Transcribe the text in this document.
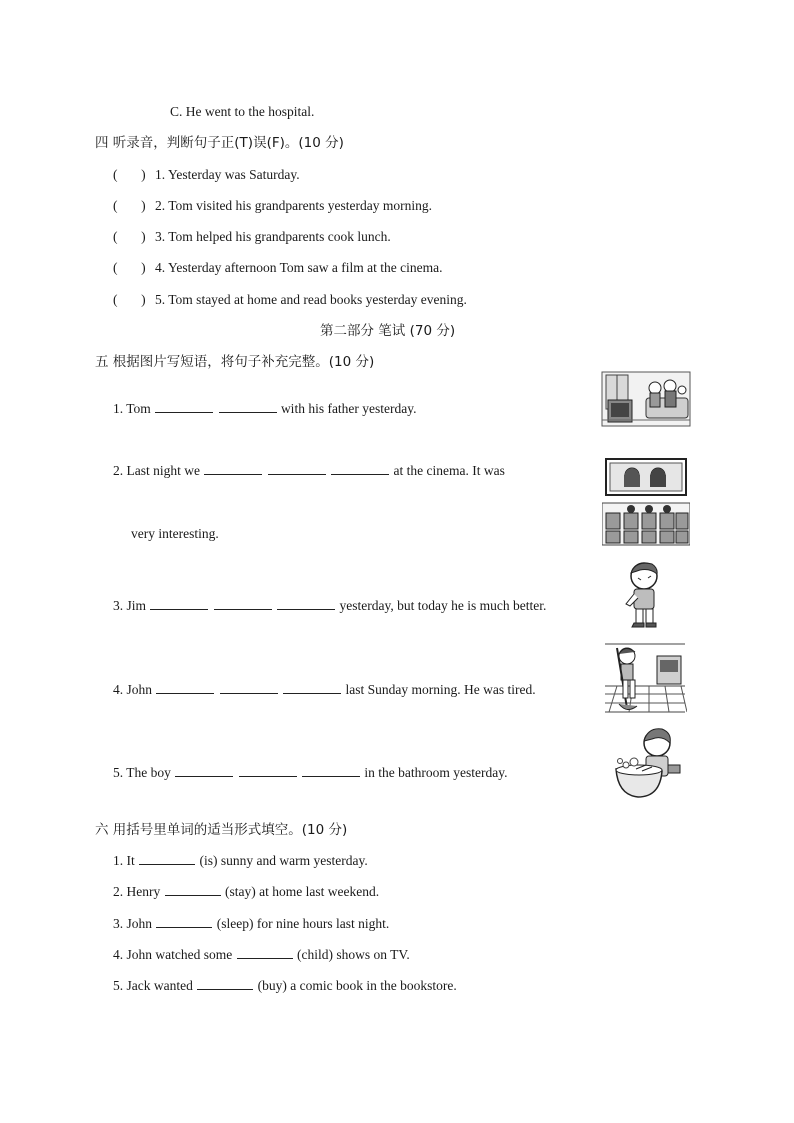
C. He went to the hospital.
四 听录音，判断句子正(T)误(F)。(10 分)
( ) 1. Yesterday was Saturday.
( ) 2. Tom visited his grandparents yesterday morning.
( ) 3. Tom helped his grandparents cook lunch.
( ) 4. Yesterday afternoon Tom saw a film at the cinema.
( ) 5. Tom stayed at home and read books yesterday evening.
第二部分 笔试 (70 分)
五 根据图片写短语，将句子补充完整。(10 分)
1. Tom	with his father yesterday.
2. Last night we	at the cinema. It was
very interesting.
3. Jim	yesterday, but today he is much better.
4. John	last Sunday morning. He was tired.
5. The boy	in the bathroom yesterday.
六 用括号里单词的适当形式填空。(10 分)
1. It	(is) sunny and warm yesterday.
2. Henry	(stay) at home last weekend.
3. John	(sleep) for nine hours last night.
4. John watched some	(child) shows on TV.
5. Jack wanted	(buy) a comic book in the bookstore.
